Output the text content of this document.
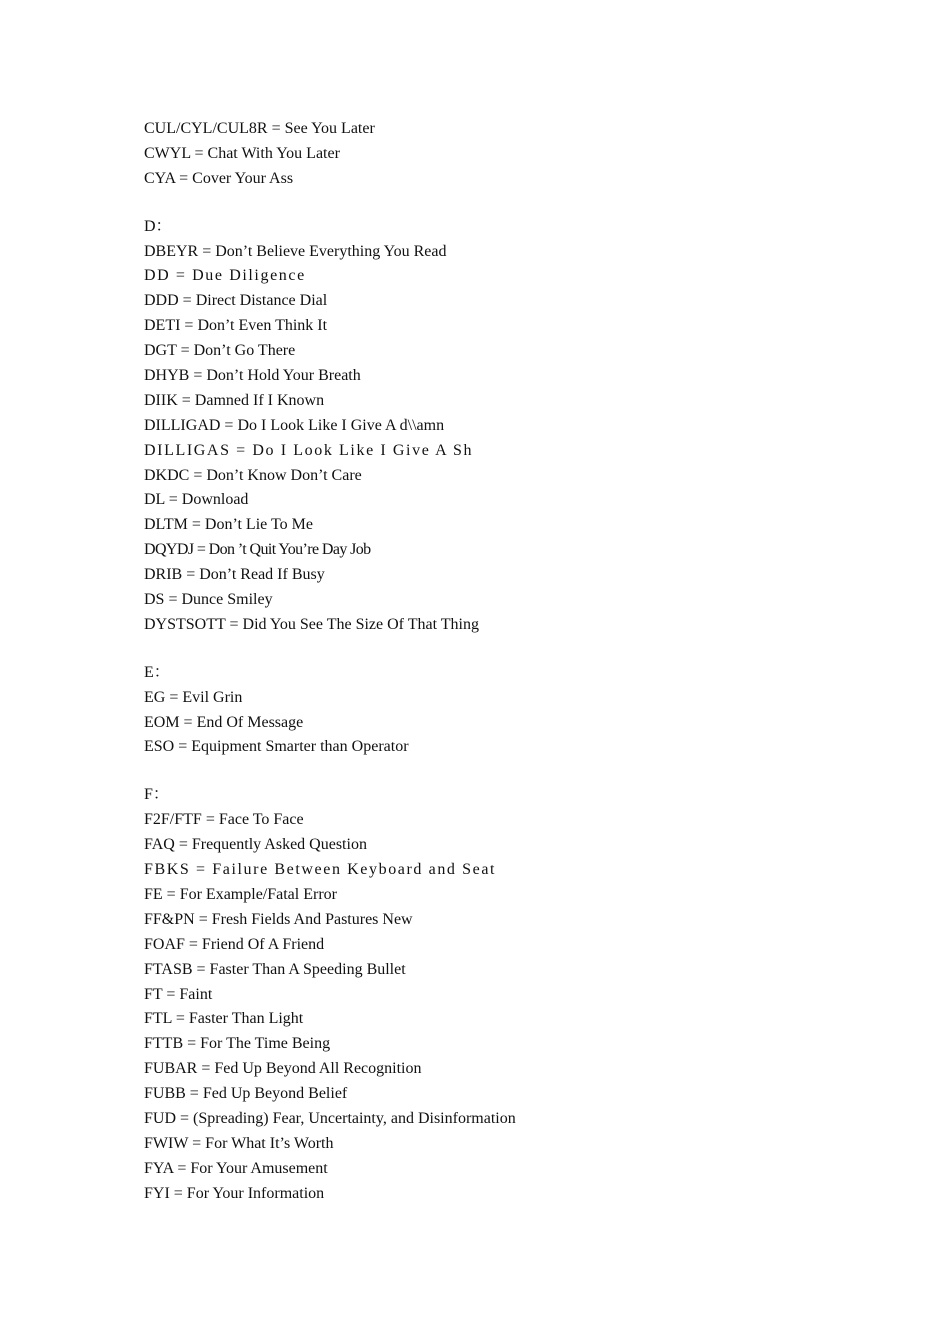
CUL/CYL/CUL8R = See You Later
CWYL = Chat With You Later
CYA = Cover Your Ass
D：
DBEYR = Don’t Believe Everything You Read
DD = Due Diligence
DDD = Direct Distance Dial
DETI = Don’t Even Think It
DGT = Don’t Go There
DHYB = Don’t Hold Your Breath
DIIK = Damned If I Known
DILLIGAD = Do I Look Like I Give A d\\amn
DILLIGAS = Do I Look Like I Give A Sh
DKDC = Don’t Know Don’t Care
DL = Download
DLTM = Don’t Lie To Me
DQYDJ = Don ’t Quit You’re Day Job
DRIB = Don’t Read If Busy
DS = Dunce Smiley
DYSTSOTT = Did You See The Size Of That Thing
E：
EG = Evil Grin
EOM = End Of Message
ESO = Equipment Smarter than Operator
F：
F2F/FTF = Face To Face
FAQ = Frequently Asked Question
FBKS = Failure Between Keyboard and Seat
FE = For Example/Fatal Error
FF&PN = Fresh Fields And Pastures New
FOAF = Friend Of A Friend
FTASB = Faster Than A Speeding Bullet
FT = Faint
FTL = Faster Than Light
FTTB = For The Time Being
FUBAR = Fed Up Beyond All Recognition
FUBB = Fed Up Beyond Belief
FUD = (Spreading) Fear, Uncertainty, and Disinformation
FWIW = For What It’s Worth
FYA = For Your Amusement
FYI = For Your Information
